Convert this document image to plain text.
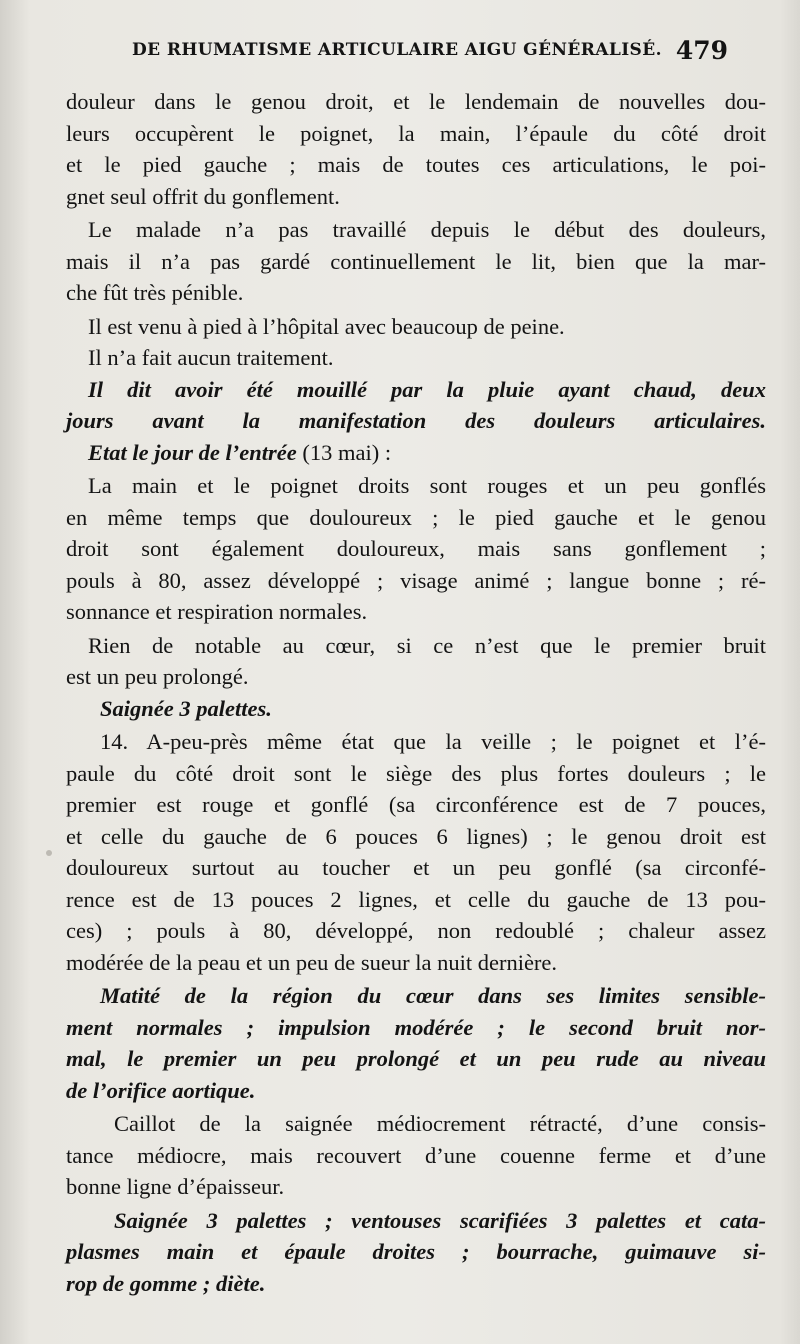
DE RHUMATISME ARTICULAIRE AIGU GÉNÉRALISÉ. 479
douleur dans le genou droit, et le lendemain de nouvelles dou-
leurs occupèrent le poignet, la main, l’épaule du côté droit
et le pied gauche ; mais de toutes ces articulations, le poi-
gnet seul offrit du gonflement.
Le malade n’a pas travaillé depuis le début des douleurs,
mais il n’a pas gardé continuellement le lit, bien que la mar-
che fût très pénible.
Il est venu à pied à l’hôpital avec beaucoup de peine.
Il n’a fait aucun traitement.
Il dit avoir été mouillé par la pluie ayant chaud, deux
jours avant la manifestation des douleurs articulaires.
Etat le jour de l’entrée (13 mai) :
La main et le poignet droits sont rouges et un peu gonflés
en même temps que douloureux ; le pied gauche et le genou
droit sont également douloureux, mais sans gonflement ;
pouls à 80, assez développé ; visage animé ; langue bonne ; ré-
sonnance et respiration normales.
Rien de notable au cœur, si ce n’est que le premier bruit
est un peu prolongé.
Saignée 3 palettes.
14. A-peu-près même état que la veille ; le poignet et l’é-
paule du côté droit sont le siège des plus fortes douleurs ; le
premier est rouge et gonflé (sa circonférence est de 7 pouces,
et celle du gauche de 6 pouces 6 lignes) ; le genou droit est
douloureux surtout au toucher et un peu gonflé (sa circonfé-
rence est de 13 pouces 2 lignes, et celle du gauche de 13 pou-
ces) ; pouls à 80, développé, non redoublé ; chaleur assez
modérée de la peau et un peu de sueur la nuit dernière.
Matité de la région du cœur dans ses limites sensible-
ment normales ; impulsion modérée ; le second bruit nor-
mal, le premier un peu prolongé et un peu rude au niveau
de l’orifice aortique.
Caillot de la saignée médiocrement rétracté, d’une consis-
tance médiocre, mais recouvert d’une couenne ferme et d’une
bonne ligne d’épaisseur.
Saignée 3 palettes ; ventouses scarifiées 3 palettes et cata-
plasmes main et épaule droites ; bourrache, guimauve si-
rop de gomme ; diète.
